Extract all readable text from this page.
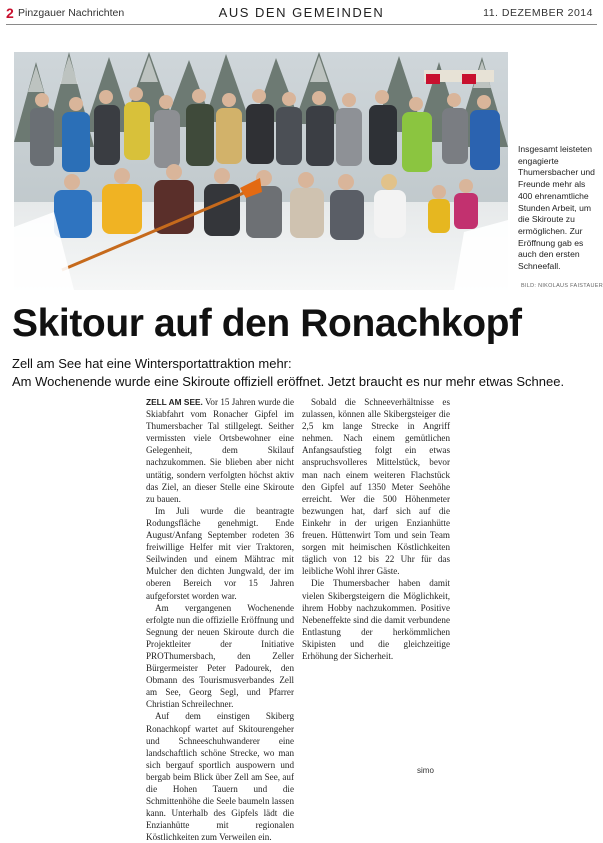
2 Pinzgauer Nachrichten	AUS DEN GEMEINDEN	11. DEZEMBER 2014
BILD: NIKOLAUS FAISTAUER
Insgesamt leisteten engagierte Thumersbacher und Freunde mehr als 400 ehrenamtliche Stunden Arbeit, um die Skiroute zu ermöglichen. Zur Eröffnung gab es auch den ersten Schneefall.
Skitour auf den Ronachkopf
Zell am See hat eine Wintersportattraktion mehr:
Am Wochenende wurde eine Skiroute offiziell eröffnet. Jetzt braucht es nur mehr etwas Schnee.

ZELL AM SEE. Vor 15 Jahren wurde die Skiabfahrt vom Ronacher Gipfel im Thumersbacher Tal stillgelegt. Seither vermissten viele Ortsbewohner eine Gelegenheit, dem Skilauf nachzukommen. Sie blieben aber nicht untätig, sondern verfolgten höchst aktiv das Ziel, an dieser Stelle eine Skiroute zu bauen.

Im Juli wurde die beantragte Rodungsfläche genehmigt. Ende August/Anfang September rodeten 36 freiwillige Helfer mit vier Traktoren, Seilwinden und einem Mähtrac mit Mulcher den dichten Jungwald, der im oberen Bereich vor 15 Jahren aufgeforstet worden war.

Am vergangenen Wochenende erfolgte nun die offizielle Eröffnung und Segnung der neuen Skiroute durch die Projektleiter der Initiative PROThumersbach, den Zeller Bürgermeister Peter Padourek, den Obmann des Tourismusverbandes Zell am See, Georg Segl, und Pfarrer Christian Schreilechner.

Auf dem einstigen Skiberg Ronachkopf wartet auf Skitourengeher und Schneeschuhwanderer eine landschaftlich schöne Strecke, wo man sich bergauf sportlich auspowern und bergab beim Blick über Zell am See, auf die Hohen Tauern und die Schmittenhöhe die Seele baumeln lassen kann. Unterhalb des Gipfels lädt die Enzianhütte mit regionalen Köstlichkeiten zum Verweilen ein.

Sobald die Schneeverhältnisse es zulassen, können alle Skibergsteiger die 2,5 km lange Strecke in Angriff nehmen. Nach einem gemütlichen Anfangsaufstieg folgt ein etwas anspruchsvolleres Mittelstück, bevor man nach einem weiteren Flachstück den Gipfel auf 1350 Meter Seehöhe erreicht. Wer die 500 Höhenmeter bezwungen hat, darf sich auf die Einkehr in der urigen Enzianhütte freuen. Hüttenwirt Tom und sein Team sorgen mit heimischen Köstlichkeiten täglich von 12 bis 22 Uhr für das leibliche Wohl ihrer Gäste.

Die Thumersbacher haben damit vielen Skibergsteigern die Möglichkeit, ihrem Hobby nachzukommen. Positive Nebeneffekte sind die damit verbundene Entlastung der herkömmlichen Skipisten und die gleichzeitige Erhöhung der Sicherheit.

simo
